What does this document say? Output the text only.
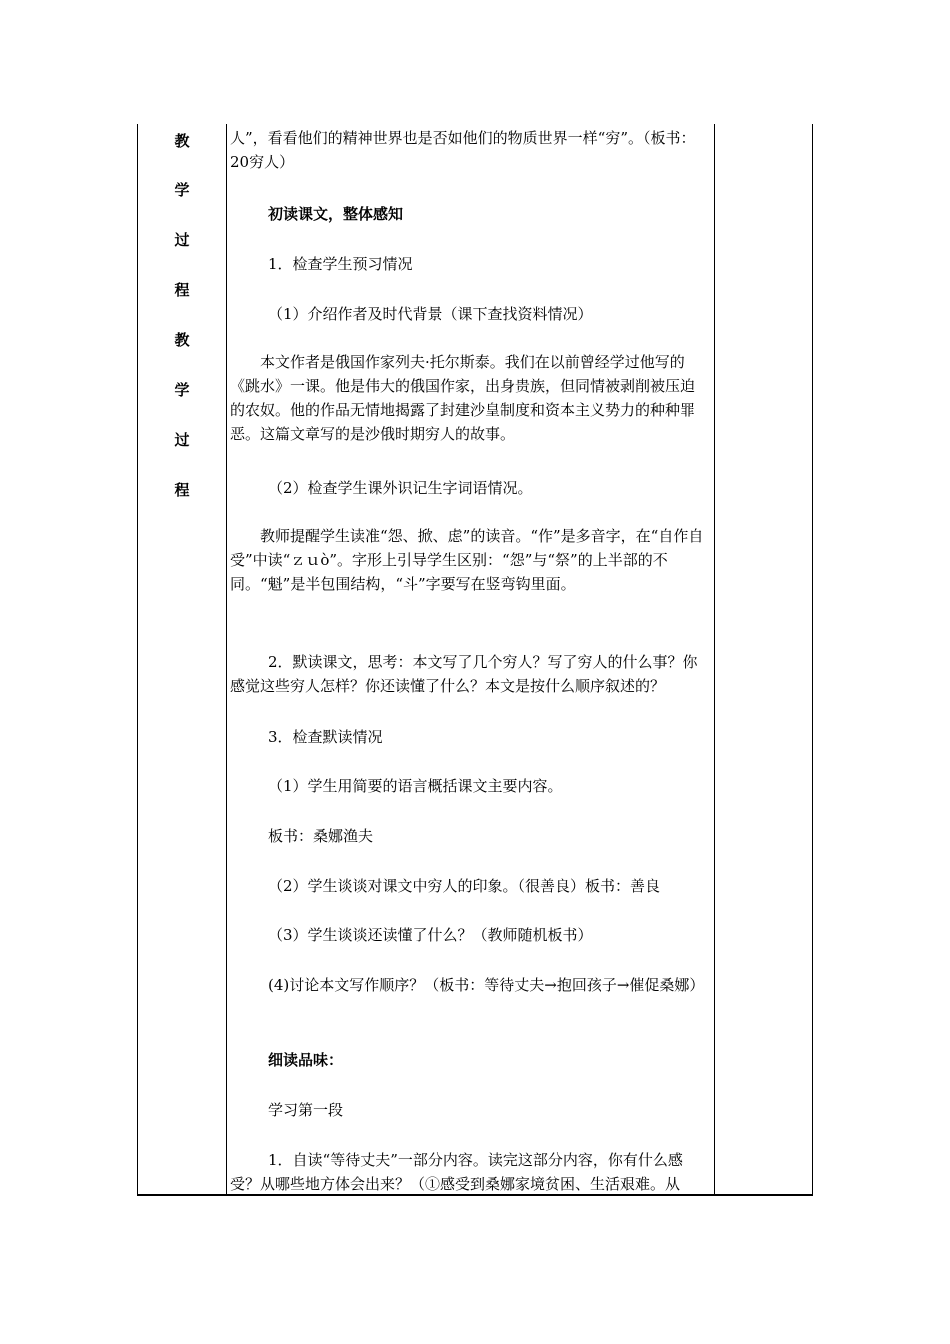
教
学
过
程
教
学
过
程

人”，看看他们的精神世界也是否如他们的物质世界一样“穷”。（板书：20穷人）

初读课文，整体感知

1．检查学生预习情况

（1）介绍作者及时代背景（课下查找资料情况）

本文作者是俄国作家列夫·托尔斯泰。我们在以前曾经学过他写的《跳水》一课。他是伟大的俄国作家，出身贵族，但同情被剥削被压迫的农奴。他的作品无情地揭露了封建沙皇制度和资本主义势力的种种罪恶。这篇文章写的是沙俄时期穷人的故事。

（2）检查学生课外识记生字词语情况。

教师提醒学生读准“怨、掀、虑”的读音。“作”是多音字，在“自作自受”中读“ｚｕò”。字形上引导学生区别：“怨”与“祭”的上半部的不同。“魁”是半包围结构，“斗”字要写在竖弯钩里面。

2．默读课文，思考：本文写了几个穷人？写了穷人的什么事？你感觉这些穷人怎样？你还读懂了什么？本文是按什么顺序叙述的？

3．检查默读情况

（1）学生用简要的语言概括课文主要内容。

板书：桑娜渔夫

（2）学生谈谈对课文中穷人的印象。（很善良）板书：善良

（3）学生谈谈还读懂了什么？（教师随机板书）

(4)讨论本文写作顺序？（板书：等待丈夫→抱回孩子→催促桑娜）

细读品味：

学习第一段

1．自读“等待丈夫”一部分内容。读完这部分内容，你有什么感受？从哪些地方体会出来？（①感受到桑娜家境贫困、生活艰难。从
